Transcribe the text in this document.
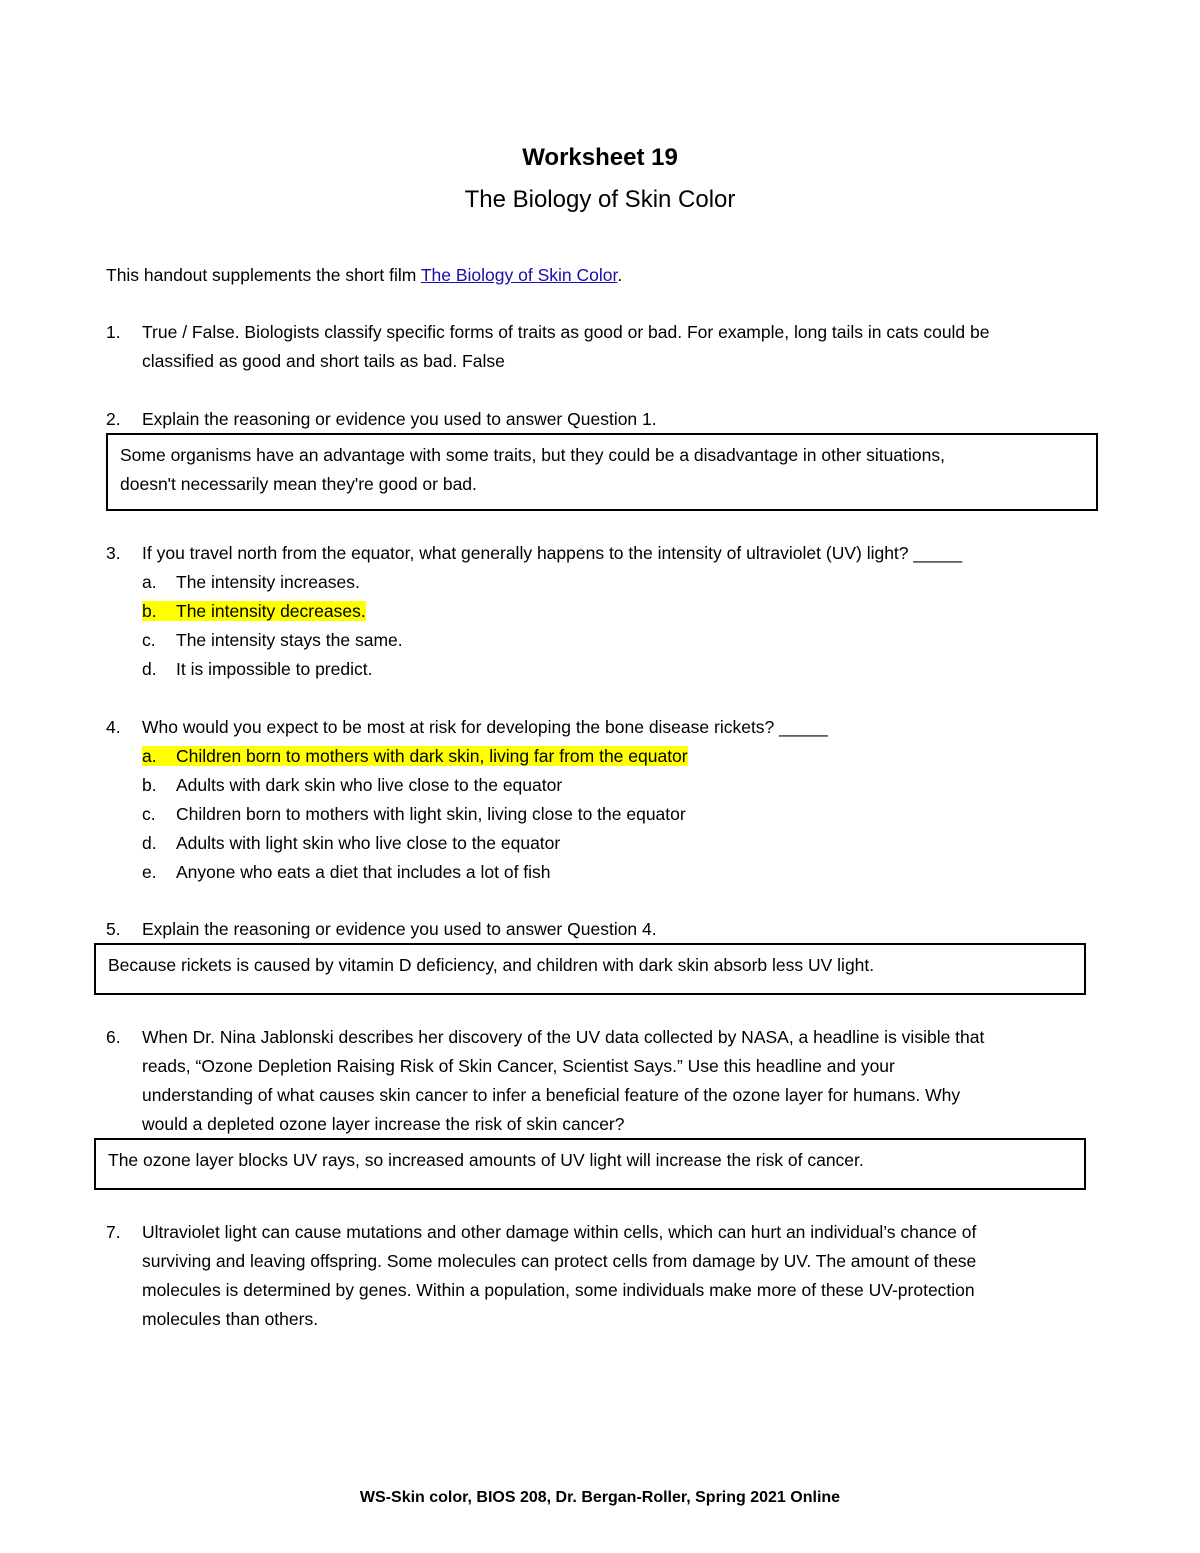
Worksheet 19
The Biology of Skin Color
This handout supplements the short film The Biology of Skin Color.
1. True / False. Biologists classify specific forms of traits as good or bad. For example, long tails in cats could be
classified as good and short tails as bad. False
2. Explain the reasoning or evidence you used to answer Question 1.
Some organisms have an advantage with some traits, but they could be a disadvantage in other situations,
doesn't necessarily mean they're good or bad.
3. If you travel north from the equator, what generally happens to the intensity of ultraviolet (UV) light? _____
a. The intensity increases.
b. The intensity decreases.
c. The intensity stays the same.
d. It is impossible to predict.
4. Who would you expect to be most at risk for developing the bone disease rickets? _____
a. Children born to mothers with dark skin, living far from the equator
b. Adults with dark skin who live close to the equator
c. Children born to mothers with light skin, living close to the equator
d. Adults with light skin who live close to the equator
e. Anyone who eats a diet that includes a lot of fish
5. Explain the reasoning or evidence you used to answer Question 4.
Because rickets is caused by vitamin D deficiency, and children with dark skin absorb less UV light.
6. When Dr. Nina Jablonski describes her discovery of the UV data collected by NASA, a headline is visible that
reads, “Ozone Depletion Raising Risk of Skin Cancer, Scientist Says.” Use this headline and your
understanding of what causes skin cancer to infer a beneficial feature of the ozone layer for humans. Why
would a depleted ozone layer increase the risk of skin cancer?
The ozone layer blocks UV rays, so increased amounts of UV light will increase the risk of cancer.
7. Ultraviolet light can cause mutations and other damage within cells, which can hurt an individual’s chance of
surviving and leaving offspring. Some molecules can protect cells from damage by UV. The amount of these
molecules is determined by genes. Within a population, some individuals make more of these UV-protection
molecules than others.
WS-Skin color, BIOS 208, Dr. Bergan-Roller, Spring 2021 Online
